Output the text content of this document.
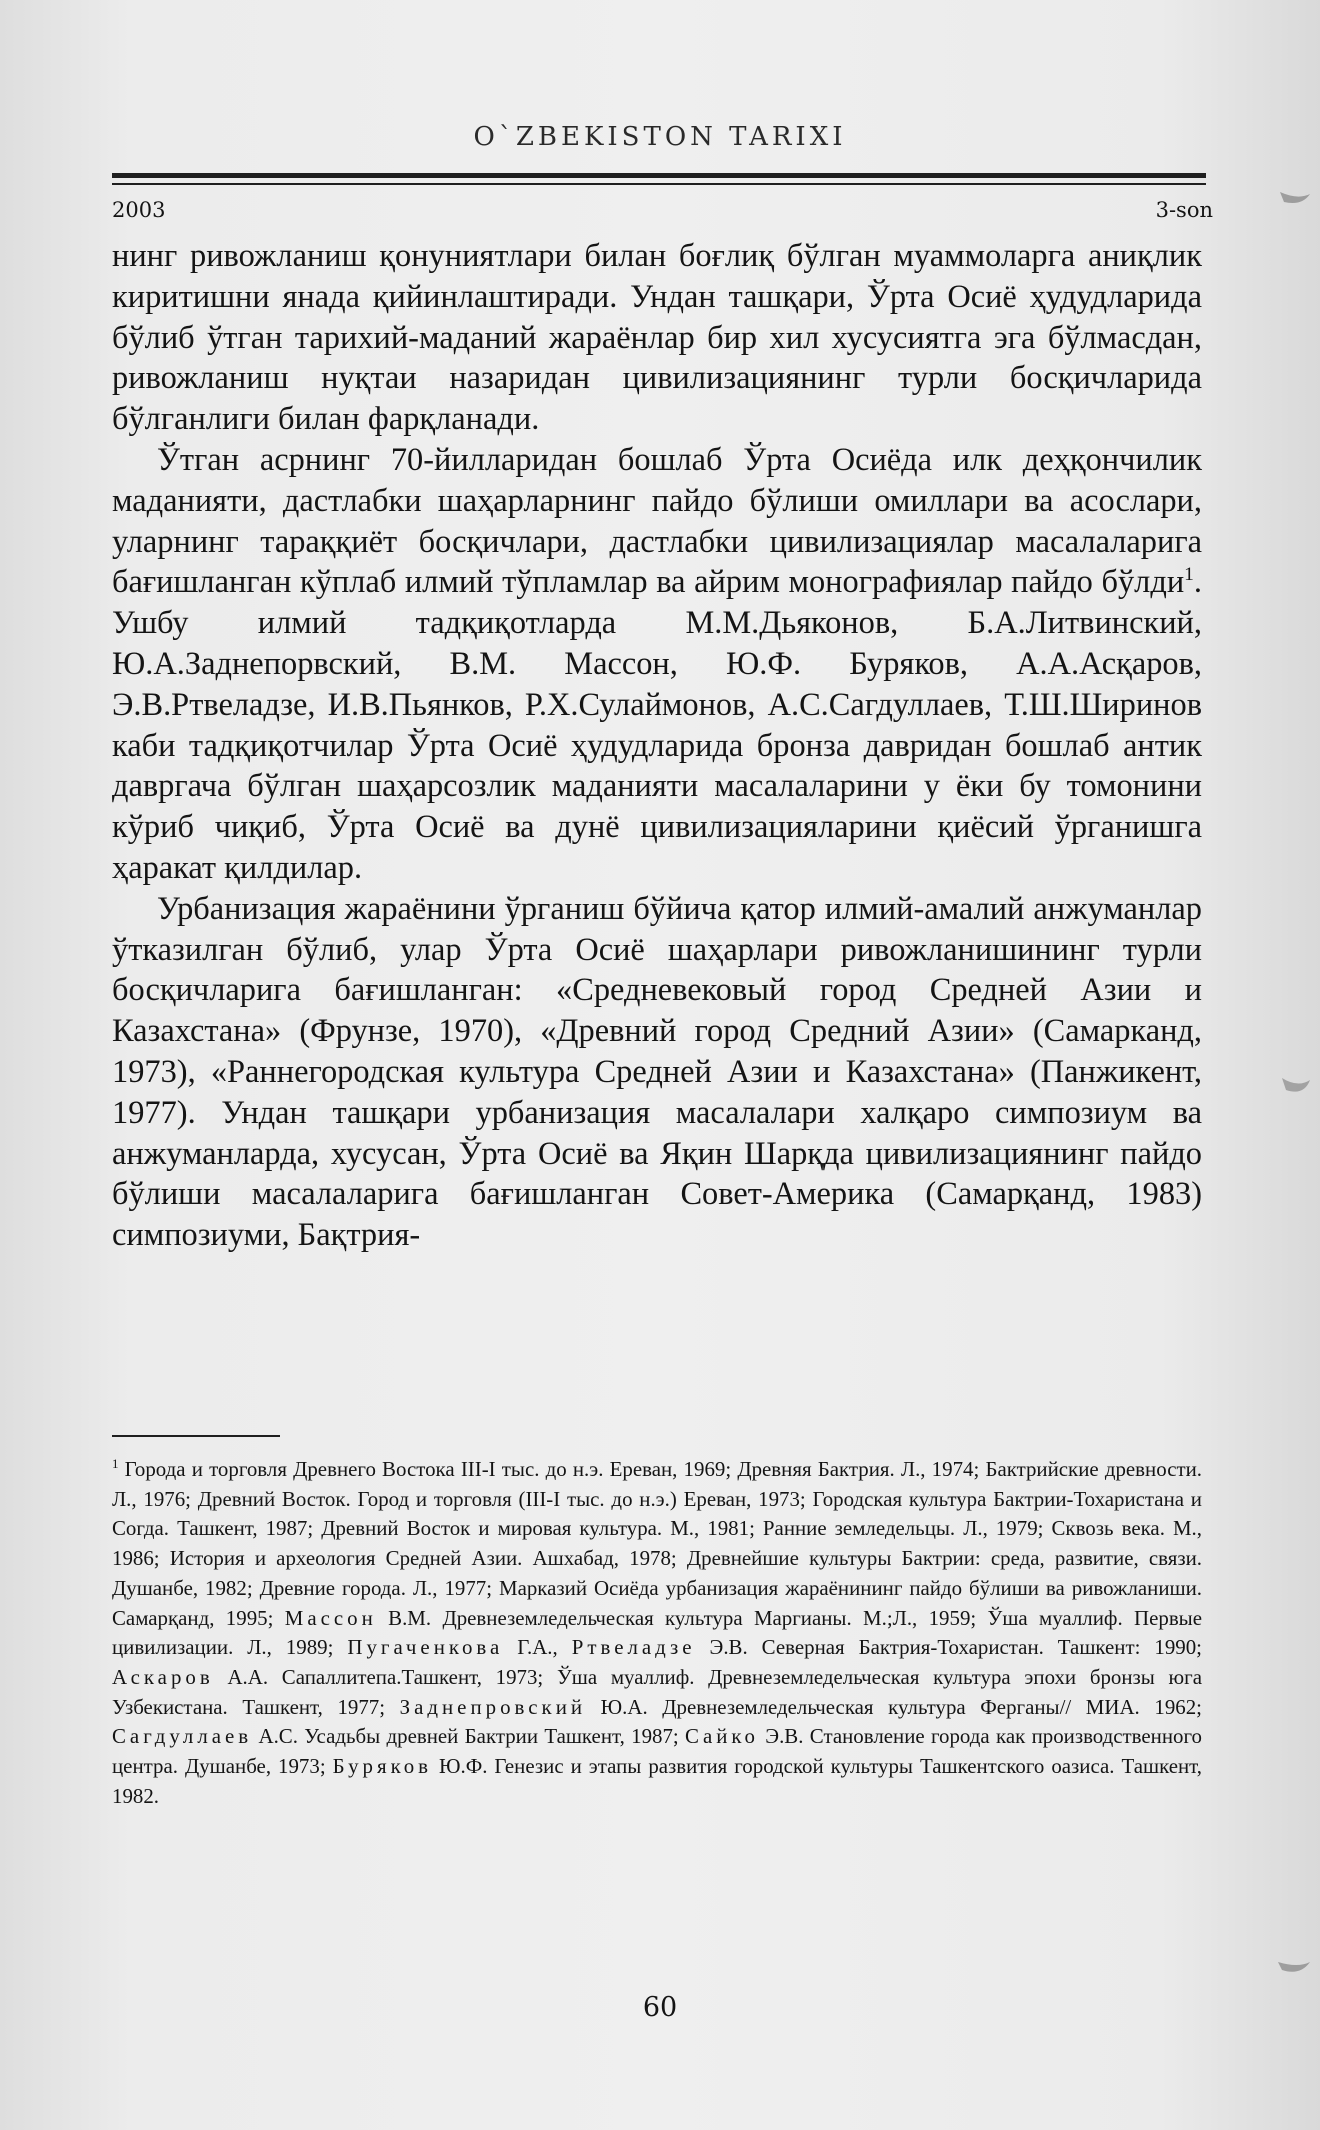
O`ZBEKISTON TARIXI
2003	3-son

нинг ривожланиш қонуниятлари билан боғлиқ бўлган муаммоларга аниқлик киритишни янада қийинлаштиради. Ундан ташқари, Ўрта Осиё ҳудудларида бўлиб ўтган тарихий-маданий жараёнлар бир хил хусусиятга эга бўлмасдан, ривожланиш нуқтаи назаридан цивилизациянинг турли босқичларида бўлганлиги билан фарқланади.

Ўтган асрнинг 70-йилларидан бошлаб Ўрта Осиёда илк деҳқончилик маданияти, дастлабки шаҳарларнинг пайдо бўлиши омиллари ва асослари, уларнинг тараққиёт босқичлари, дастлабки цивилизациялар масалаларига бағишланган кўплаб илмий тўпламлар ва айрим монографиялар пайдо бўлди$^1$. Ушбу илмий тадқиқотларда М.М.Дьяконов, Б.А.Литвинский, Ю.А.Заднепорвский, В.М. Массон, Ю.Ф. Буряков, А.А.Асқаров, Э.В.Ртвеладзе, И.В.Пьянков, Р.Х.Сулаймонов, А.С.Сагдуллаев, Т.Ш.Ширинов каби тадқиқотчилар Ўрта Осиё ҳудудларида бронза давридан бошлаб антик давргача бўлган шаҳарсозлик маданияти масалаларини у ёки бу томонини кўриб чиқиб, Ўрта Осиё ва дунё цивилизацияларини қиёсий ўрганишга ҳаракат қилдилар.

Урбанизация жараёнини ўрганиш бўйича қатор илмий-амалий анжуманлар ўтказилган бўлиб, улар Ўрта Осиё шаҳарлари ривожланишининг турли босқичларига бағишланган: «Средневековый город Средней Азии и Казахстана» (Фрунзе, 1970), «Древний город Средний Азии» (Самарканд, 1973), «Раннегородская культура Средней Азии и Казахстана» (Панжикент, 1977). Ундан ташқари урбанизация масалалари халқаро симпозиум ва анжуманларда, хусусан, Ўрта Осиё ва Яқин Шарқда цивилизациянинг пайдо бўлиши масалаларига бағишланган Совет-Америка (Самарқанд, 1983) симпозиуми, Бақтрия-

$^1$ Города и торговля Древнего Востока III-I тыс. до н.э. Ереван, 1969; Древняя Бактрия. Л., 1974; Бактрийские древности. Л., 1976; Древний Восток. Город и торговля (III-I тыс. до н.э.) Ереван, 1973; Городская культура Бактрии-Тохаристана и Согда. Ташкент, 1987; Древний Восток и мировая культура. М., 1981; Ранние земледельцы. Л., 1979; Сквозь века. М., 1986; История и археология Средней Азии. Ашхабад, 1978; Древнейшие культуры Бактрии: среда, развитие, связи. Душанбе, 1982; Древние города. Л., 1977; Марказий Осиёда урбанизация жараёнининг пайдо бўлиши ва ривожланиши. Самарқанд, 1995; Массон В.М. Древнеземледельческая культура Маргианы. М.;Л., 1959; Ўша муаллиф. Первые цивилизации. Л., 1989; Пугаченкова Г.А., Ртвеладзе Э.В. Северная Бактрия-Тохаристан. Ташкент: 1990; Аскаров А.А. Сапаллитепа.Ташкент, 1973; Ўша муаллиф. Древнеземледельческая культура эпохи бронзы юга Узбекистана. Ташкент, 1977; Заднепровский Ю.А. Древнеземледельческая культура Ферганы// МИА. 1962; Сагдуллаев А.С. Усадьбы древней Бактрии Ташкент, 1987; Сайко Э.В. Становление города как производственного центра. Душанбе, 1973; Буряков Ю.Ф. Генезис и этапы развития городской культуры Ташкентского оазиса. Ташкент, 1982.
60
